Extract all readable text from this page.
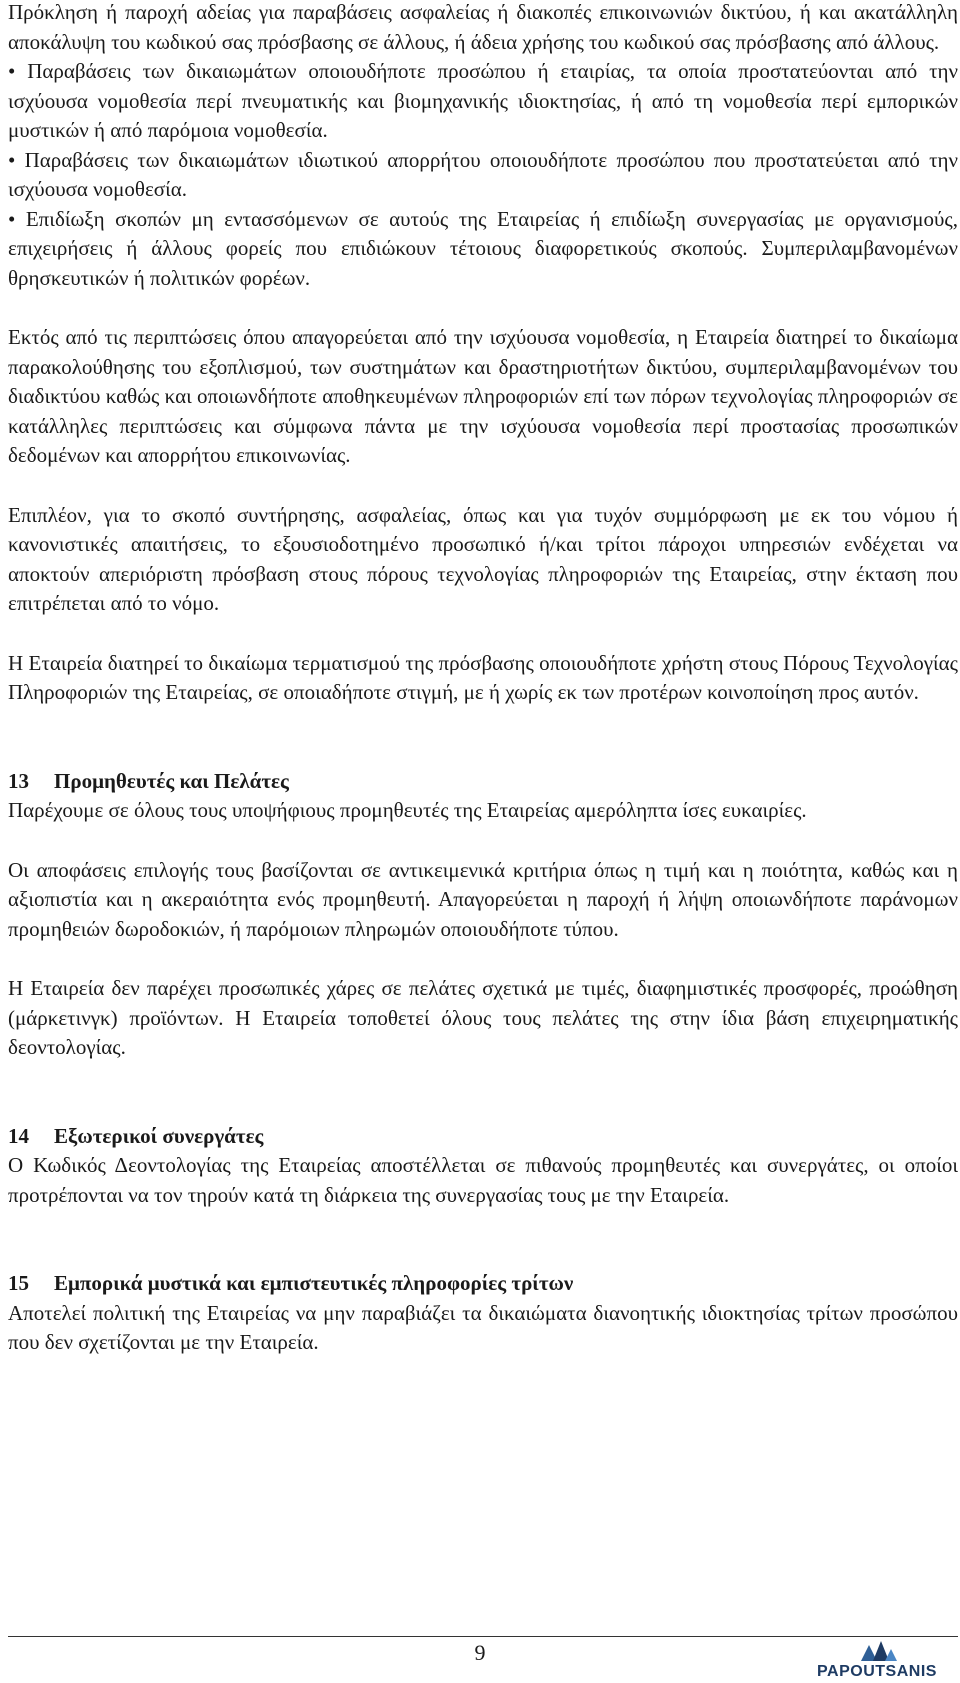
Πρόκληση ή παροχή αδείας για παραβάσεις ασφαλείας ή διακοπές επικοινωνιών δικτύου, ή και ακατάλληλη αποκάλυψη του κωδικού σας πρόσβασης σε άλλους, ή άδεια χρήσης του κωδικού σας πρόσβασης από άλλους.
• Παραβάσεις των δικαιωμάτων οποιουδήποτε προσώπου ή εταιρίας, τα οποία προστατεύονται από την ισχύουσα νομοθεσία περί πνευματικής και βιομηχανικής ιδιοκτησίας, ή από τη νομοθεσία περί εμπορικών μυστικών ή από παρόμοια νομοθεσία.
• Παραβάσεις των δικαιωμάτων ιδιωτικού απορρήτου οποιουδήποτε προσώπου που προστατεύεται από την ισχύουσα νομοθεσία.
• Επιδίωξη σκοπών μη εντασσόμενων σε αυτούς της Εταιρείας ή επιδίωξη συνεργασίας με οργανισμούς, επιχειρήσεις ή άλλους φορείς που επιδιώκουν τέτοιους διαφορετικούς σκοπούς. Συμπεριλαμβανομένων θρησκευτικών ή πολιτικών φορέων.

Εκτός από τις περιπτώσεις όπου απαγορεύεται από την ισχύουσα νομοθεσία, η Εταιρεία διατηρεί το δικαίωμα παρακολούθησης του εξοπλισμού, των συστημάτων και δραστηριοτήτων δικτύου, συμπεριλαμβανομένων του διαδικτύου καθώς και οποιωνδήποτε αποθηκευμένων πληροφοριών επί των πόρων τεχνολογίας πληροφοριών σε κατάλληλες περιπτώσεις και σύμφωνα πάντα με την ισχύουσα νομοθεσία περί προστασίας προσωπικών δεδομένων και απορρήτου επικοινωνίας.

Επιπλέον, για το σκοπό συντήρησης, ασφαλείας, όπως και για τυχόν συμμόρφωση με εκ του νόμου ή κανονιστικές απαιτήσεις, το εξουσιοδοτημένο προσωπικό ή/και τρίτοι πάροχοι υπηρεσιών ενδέχεται να αποκτούν απεριόριστη πρόσβαση στους πόρους τεχνολογίας πληροφοριών της Εταιρείας, στην έκταση που επιτρέπεται από το νόμο.

Η Εταιρεία διατηρεί το δικαίωμα τερματισμού της πρόσβασης οποιουδήποτε χρήστη στους Πόρους Τεχνολογίας Πληροφοριών της Εταιρείας, σε οποιαδήποτε στιγμή, με ή χωρίς εκ των προτέρων κοινοποίηση προς αυτόν.

13 Προμηθευτές και Πελάτες

Παρέχουμε σε όλους τους υποψήφιους προμηθευτές της Εταιρείας αμερόληπτα ίσες ευκαιρίες.

Οι αποφάσεις επιλογής τους βασίζονται σε αντικειμενικά κριτήρια όπως η τιμή και η ποιότητα, καθώς και η αξιοπιστία και η ακεραιότητα ενός προμηθευτή. Απαγορεύεται η παροχή ή λήψη οποιωνδήποτε παράνομων προμηθειών δωροδοκιών, ή παρόμοιων πληρωμών οποιουδήποτε τύπου.

Η Εταιρεία δεν παρέχει προσωπικές χάρες σε πελάτες σχετικά με τιμές, διαφημιστικές προσφορές, προώθηση (μάρκετινγκ) προϊόντων. Η Εταιρεία τοποθετεί όλους τους πελάτες της στην ίδια βάση επιχειρηματικής δεοντολογίας.

14 Εξωτερικοί συνεργάτες

Ο Κωδικός Δεοντολογίας της Εταιρείας αποστέλλεται σε πιθανούς προμηθευτές και συνεργάτες, οι οποίοι προτρέπονται να τον τηρούν κατά τη διάρκεια της συνεργασίας τους με την Εταιρεία.

15 Εμπορικά μυστικά και εμπιστευτικές πληροφορίες τρίτων

Αποτελεί πολιτική της Εταιρείας να μην παραβιάζει τα δικαιώματα διανοητικής ιδιοκτησίας τρίτων προσώπου που δεν σχετίζονται με την Εταιρεία.

9
PAPOUTSANIS
